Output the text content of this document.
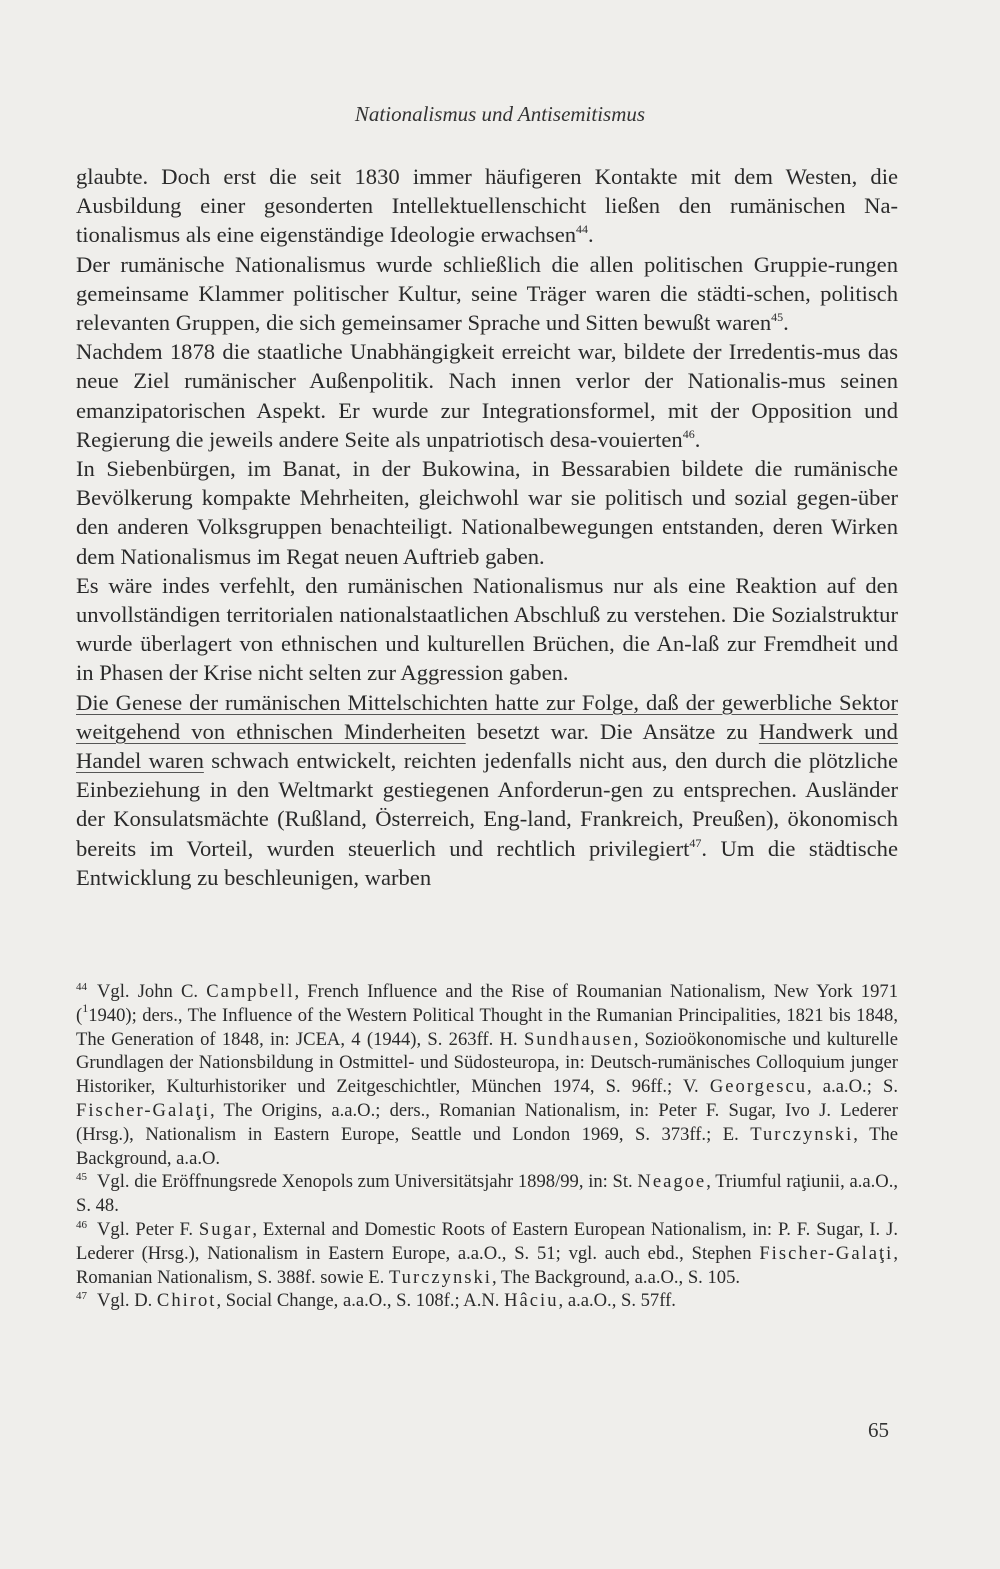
Nationalismus und Antisemitismus

glaubte. Doch erst die seit 1830 immer häufigeren Kontakte mit dem Westen, die Ausbildung einer gesonderten Intellektuellenschicht ließen den rumänischen Na-tionalismus als eine eigenständige Ideologie erwachsen$^{44}$.

Der rumänische Nationalismus wurde schließlich die allen politischen Gruppie-rungen gemeinsame Klammer politischer Kultur, seine Träger waren die städti-schen, politisch relevanten Gruppen, die sich gemeinsamer Sprache und Sitten bewußt waren$^{45}$.

Nachdem 1878 die staatliche Unabhängigkeit erreicht war, bildete der Irredentis-mus das neue Ziel rumänischer Außenpolitik. Nach innen verlor der Nationalis-mus seinen emanzipatorischen Aspekt. Er wurde zur Integrationsformel, mit der Opposition und Regierung die jeweils andere Seite als unpatriotisch desa-vouierten$^{46}$.

In Siebenbürgen, im Banat, in der Bukowina, in Bessarabien bildete die rumänische Bevölkerung kompakte Mehrheiten, gleichwohl war sie politisch und sozial gegen-über den anderen Volksgruppen benachteiligt. Nationalbewegungen entstanden, deren Wirken dem Nationalismus im Regat neuen Auftrieb gaben.

Es wäre indes verfehlt, den rumänischen Nationalismus nur als eine Reaktion auf den unvollständigen territorialen nationalstaatlichen Abschluß zu verstehen. Die Sozialstruktur wurde überlagert von ethnischen und kulturellen Brüchen, die An-laß zur Fremdheit und in Phasen der Krise nicht selten zur Aggression gaben.

Die Genese der rumänischen Mittelschichten hatte zur Folge, daß der gewerbliche Sektor weitgehend von ethnischen Minderheiten besetzt war. Die Ansätze zu Handwerk und Handel waren schwach entwickelt, reichten jedenfalls nicht aus, den durch die plötzliche Einbeziehung in den Weltmarkt gestiegenen Anforderun-gen zu entsprechen. Ausländer der Konsulatsmächte (Rußland, Österreich, Eng-land, Frankreich, Preußen), ökonomisch bereits im Vorteil, wurden steuerlich und rechtlich privilegiert$^{47}$. Um die städtische Entwicklung zu beschleunigen, warben

$^{44}$ Vgl. John C. Campbell, French Influence and the Rise of Roumanian Nationalism, New York 1971 ($^1$1940); ders., The Influence of the Western Political Thought in the Rumanian Principalities, 1821 bis 1848, The Generation of 1848, in: JCEA, 4 (1944), S. 263ff. H. Sundhausen, Sozioökonomische und kulturelle Grundlagen der Nationsbildung in Ostmittel- und Südosteuropa, in: Deutsch-rumänisches Colloquium junger Historiker, Kulturhistoriker und Zeitgeschichtler, München 1974, S. 96ff.; V. Georgescu, a.a.O.; S. Fischer-Galaţi, The Origins, a.a.O.; ders., Romanian Nationalism, in: Peter F. Sugar, Ivo J. Lederer (Hrsg.), Nationalism in Eastern Europe, Seattle und London 1969, S. 373ff.; E. Turczynski, The Background, a.a.O.

$^{45}$ Vgl. die Eröffnungsrede Xenopols zum Universitätsjahr 1898/99, in: St. Neagoe, Triumful raţiunii, a.a.O., S. 48.

$^{46}$ Vgl. Peter F. Sugar, External and Domestic Roots of Eastern European Nationalism, in: P. F. Sugar, I. J. Lederer (Hrsg.), Nationalism in Eastern Europe, a.a.O., S. 51; vgl. auch ebd., Stephen Fischer-Galaţi, Romanian Nationalism, S. 388f. sowie E. Turczynski, The Background, a.a.O., S. 105.

$^{47}$ Vgl. D. Chirot, Social Change, a.a.O., S. 108f.; A.N. Hâciu, a.a.O., S. 57ff.

65
